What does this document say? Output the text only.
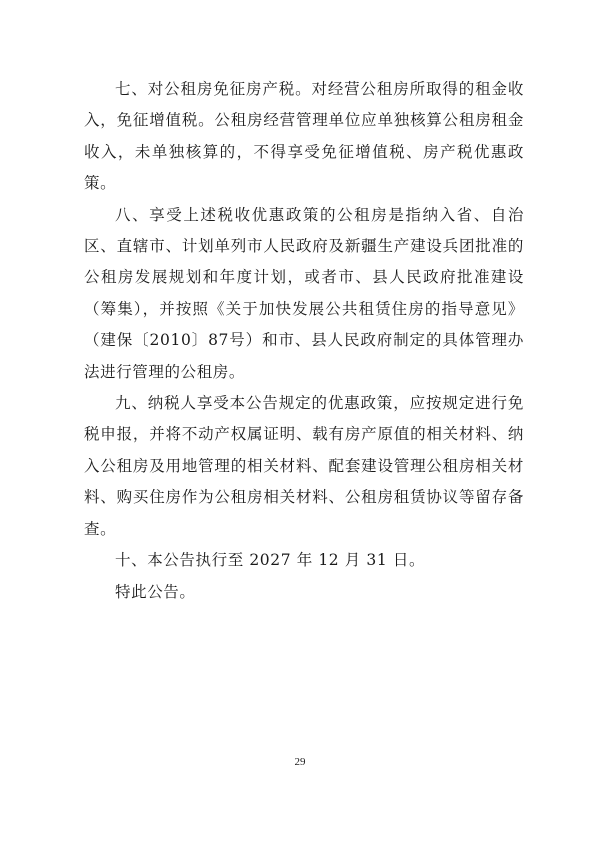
七、对公租房免征房产税。对经营公租房所取得的租金收入，免征增值税。公租房经营管理单位应单独核算公租房租金收入，未单独核算的，不得享受免征增值税、房产税优惠政策。

八、享受上述税收优惠政策的公租房是指纳入省、自治区、直辖市、计划单列市人民政府及新疆生产建设兵团批准的公租房发展规划和年度计划，或者市、县人民政府批准建设（筹集），并按照《关于加快发展公共租赁住房的指导意见》（建保〔2010〕87号）和市、县人民政府制定的具体管理办法进行管理的公租房。

九、纳税人享受本公告规定的优惠政策，应按规定进行免税申报，并将不动产权属证明、载有房产原值的相关材料、纳入公租房及用地管理的相关材料、配套建设管理公租房相关材料、购买住房作为公租房相关材料、公租房租赁协议等留存备查。

十、本公告执行至 2027 年 12 月 31 日。

特此公告。

29
